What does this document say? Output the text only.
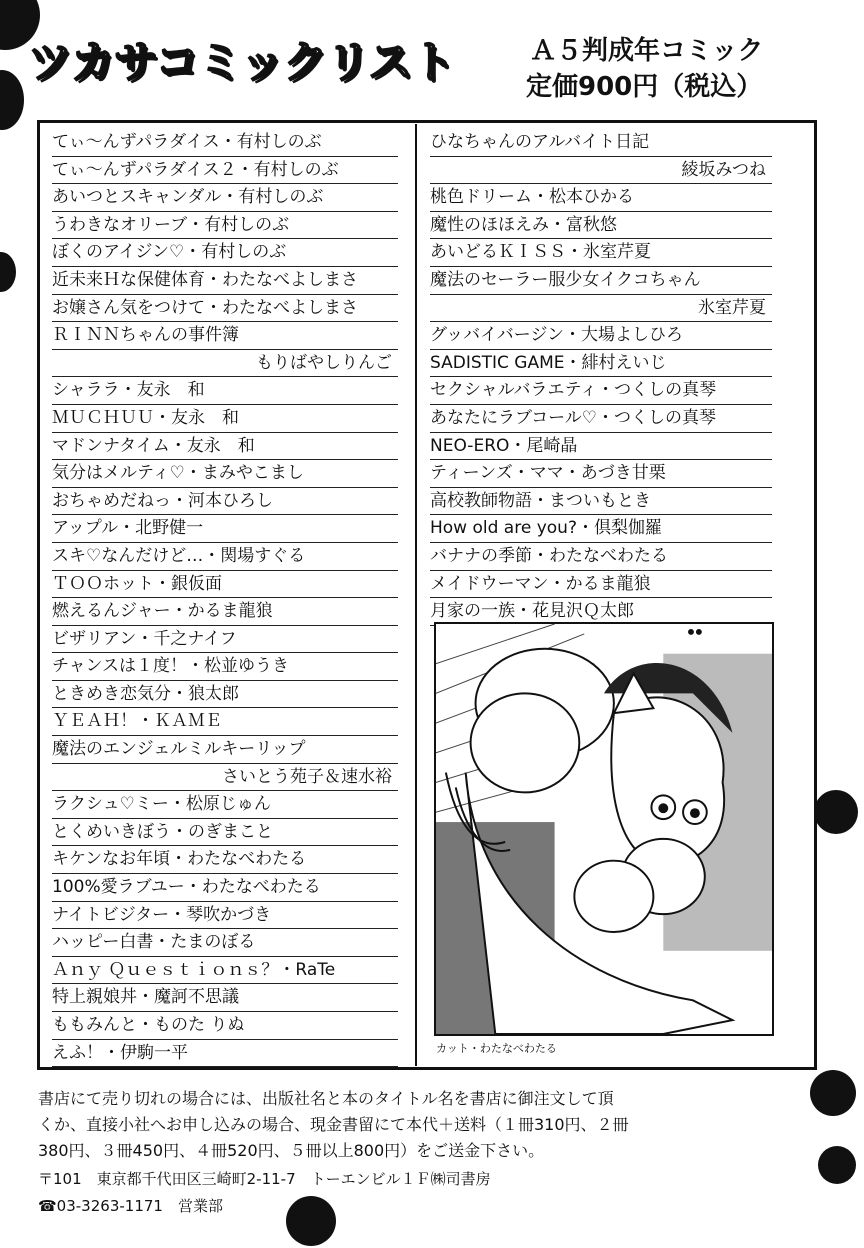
ツカサコミックリスト	Ａ５判成年コミック
定価900円（税込）
てぃ〜んずパラダイス・有村しのぶ
てぃ〜んずパラダイス２・有村しのぶ
あいつとスキャンダル・有村しのぶ
うわきなオリーブ・有村しのぶ
ぼくのアイジン♡・有村しのぶ
近未来Ｈな保健体育・わたなべよしまさ
お嬢さん気をつけて・わたなべよしまさ
ＲＩＮＮちゃんの事件簿
もりばやしりんご
シャララ・友永　和
ＭＵＣＨＵＵ・友永　和
マドンナタイム・友永　和
気分はメルティ♡・まみやこまし
おちゃめだねっ・河本ひろし
アップル・北野健一
スキ♡なんだけど…・関場すぐる
ＴＯＯホット・銀仮面
燃えるんジャー・かるま龍狼
ビザリアン・千之ナイフ
チャンスは１度！・松並ゆうき
ときめき恋気分・狼太郎
ＹＥＡＨ！・ＫＡＭＥ
魔法のエンジェルミルキーリップ
さいとう苑子＆速水裕
ラクシュ♡ミー・松原じゅん
とくめいきぼう・のぎまこと
キケンなお年頃・わたなべわたる
100%愛ラブユー・わたなべわたる
ナイトビジター・琴吹かづき
ハッピー白書・たまのぼる
Ａｎｙ Ｑｕｅｓｔｉｏｎｓ？・RaTe
特上親娘丼・魔訶不思議
ももみんと・ものた りぬ
えふ！・伊駒一平
ひなちゃんのアルバイト日記
綾坂みつね
桃色ドリーム・松本ひかる
魔性のほほえみ・富秋悠
あいどるＫＩＳＳ・氷室芹夏
魔法のセーラー服少女イクコちゃん
氷室芹夏
グッバイバージン・大場よしひろ
SADISTIC GAME・緋村えいじ
セクシャルバラエティ・つくしの真琴
あなたにラブコール♡・つくしの真琴
NEO-ERO・尾崎晶
ティーンズ・ママ・あづき甘栗
高校教師物語・まついもとき
How old are you?・倶梨伽羅
バナナの季節・わたなべわたる
メイドウーマン・かるま龍狼
月家の一族・花見沢Ｑ太郎
カット・わたなべわたる

書店にて売り切れの場合には、出版社名と本のタイトル名を書店に御注文して頂

くか、直接小社へお申し込みの場合、現金書留にて本代＋送料（１冊310円、２冊

380円、３冊450円、４冊520円、５冊以上800円）をご送金下さい。

〒101　東京都千代田区三崎町2-11-7　トーエンビル１Ｆ㈱司書房
☎03-3263-1171　営業部
